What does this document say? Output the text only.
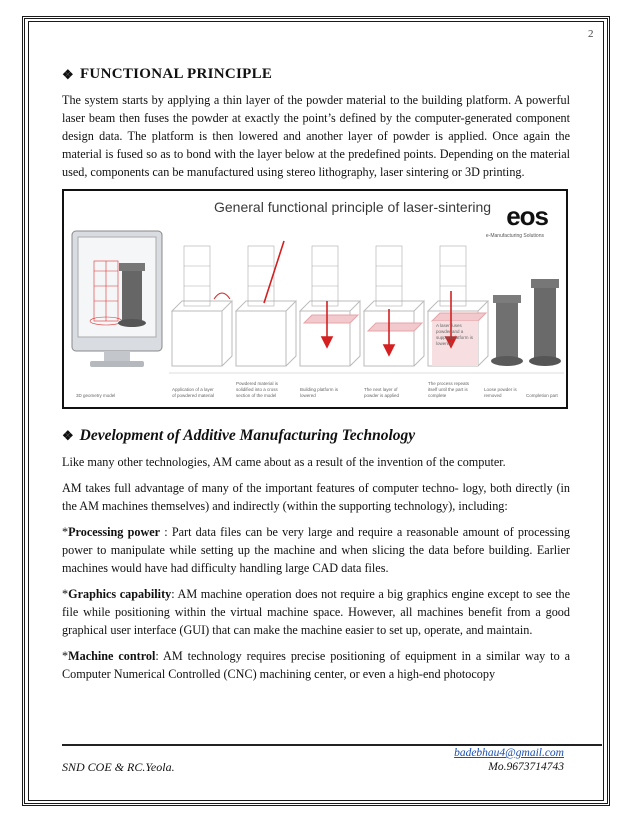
2
❖ FUNCTIONAL PRINCIPLE

The system starts by applying a thin layer of the powder material to the building platform. A powerful laser beam then fuses the powder at exactly the point’s defined by the computer-generated component design data. The platform is then lowered and another layer of powder is applied. Once again the material is fused so as to bond with the layer below at the predefined points. Depending on the material used, components can be manufactured using stereo lithography, laser sintering or 3D printing.

General functional principle of laser-sintering eos
e-Manufacturing Solutions
3D geometry model
Application of a layer of powdered material
Powdered material is solidified into a cross section of the model
Building platform is lowered
The next layer of powder is applied
The process repeats itself until the part is complete
Loose powder is removed	Completion part
A laser fuses powder and a support platform is lowered
❖ Development of Additive Manufacturing Technology

Like many other technologies, AM came about as a result of the invention of the computer.

AM takes full advantage of many of the important features of computer techno- logy, both directly (in the AM machines themselves) and indirectly (within the supporting technology), including:

*Processing power : Part data files can be very large and require a reasonable amount of processing power to manipulate while setting up the machine and when slicing the data before building. Earlier machines would have had difficulty handling large CAD data files.

*Graphics capability: AM machine operation does not require a big graphics engine except to see the file while positioning within the virtual machine space. However, all machines benefit from a good graphical user interface (GUI) that can make the machine easier to set up, operate, and maintain.

*Machine control: AM technology requires precise positioning of equipment in a similar way to a Computer Numerical Controlled (CNC) machining center, or even a high-end photocopy

SND COE & RC.Yeola.
badebhau4@gmail.com
Mo.9673714743
